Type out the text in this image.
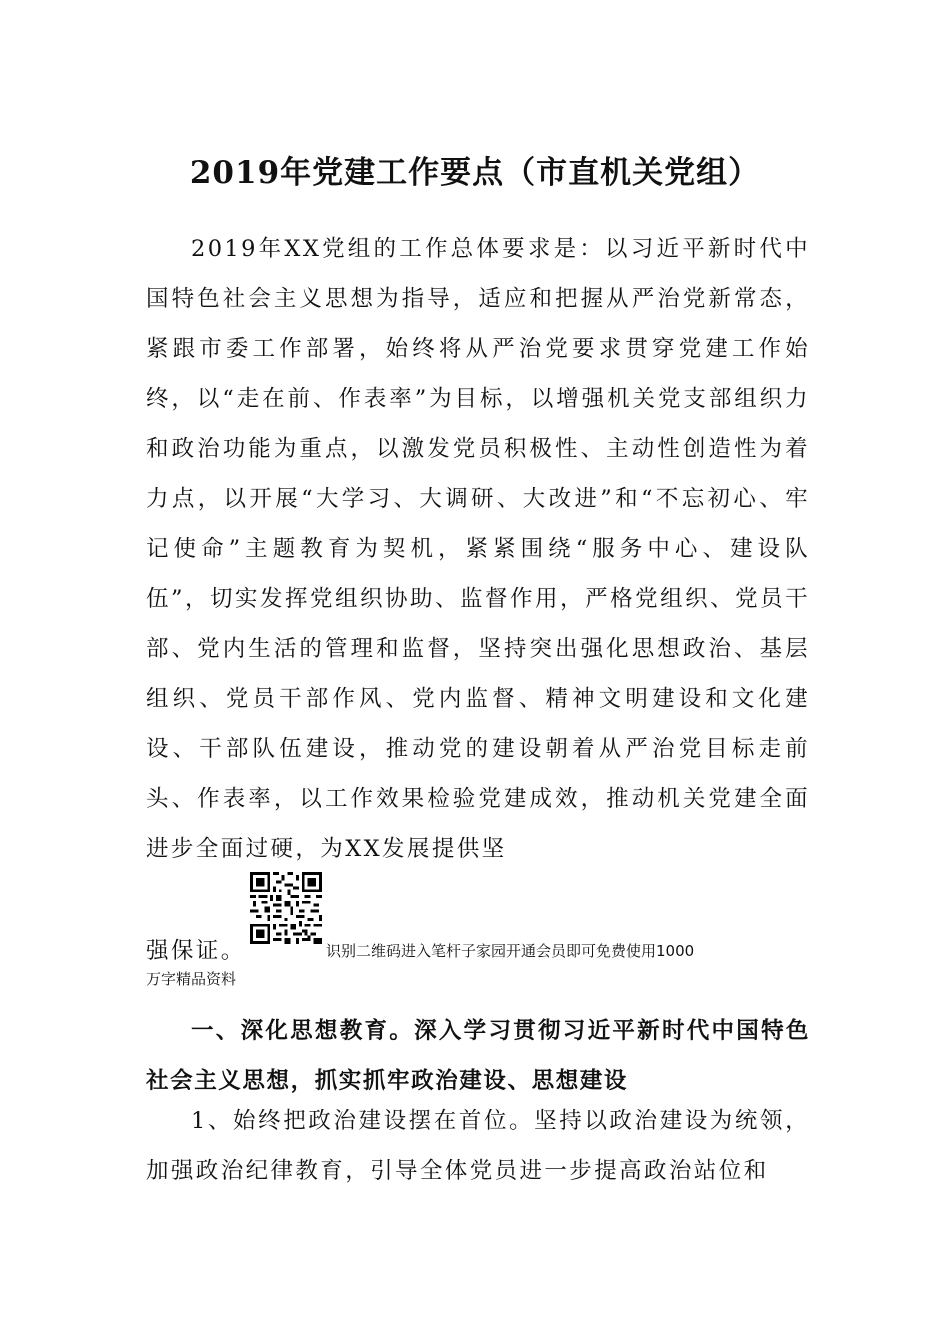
2019年党建工作要点（市直机关党组）

2019年XX党组的工作总体要求是：以习近平新时代中国特色社会主义思想为指导，适应和把握从严治党新常态，紧跟市委工作部署，始终将从严治党要求贯穿党建工作始终，以“走在前、作表率”为目标，以增强机关党支部组织力和政治功能为重点，以激发党员积极性、主动性创造性为着力点，以开展“大学习、大调研、大改进”和“不忘初心、牢记使命”主题教育为契机，紧紧围绕“服务中心、建设队伍”，切实发挥党组织协助、监督作用，严格党组织、党员干部、党内生活的管理和监督，坚持突出强化思想政治、基层组织、党员干部作风、党内监督、精神文明建设和文化建设、干部队伍建设，推动党的建设朝着从严治党目标走前头、作表率，以工作效果检验党建成效，推动机关党建全面进步全面过硬，为XX发展提供坚

强保证。	识别二维码进入笔杆子家园开通会员即可免费使用1000
万字精品资料
一、深化思想教育。深入学习贯彻习近平新时代中国特色社会主义思想，抓实抓牢政治建设、思想建设

1、始终把政治建设摆在首位。坚持以政治建设为统领，加强政治纪律教育，引导全体党员进一步提高政治站位和
